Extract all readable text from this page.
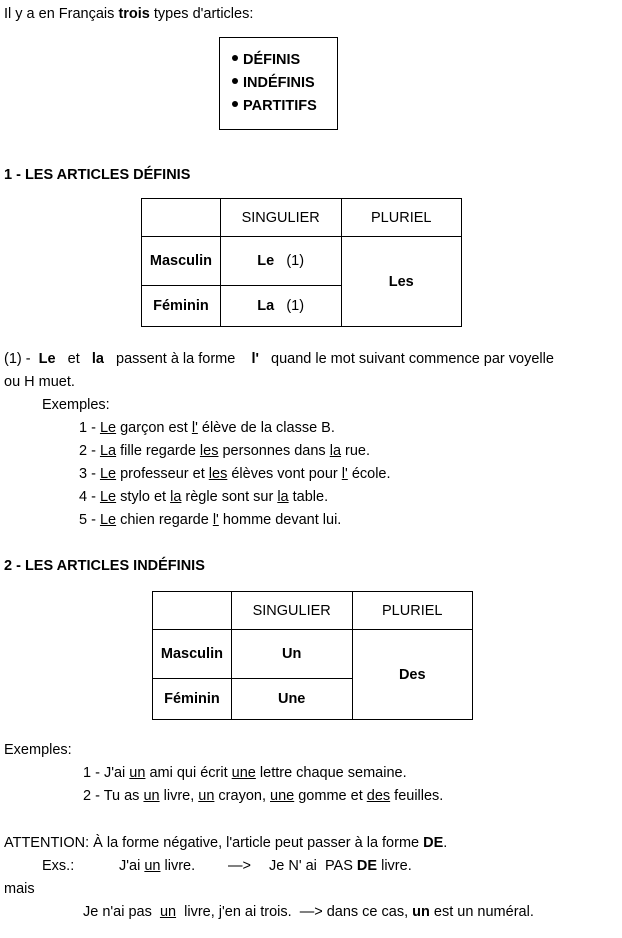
Il y a en Français trois types d'articles:
DÉFINIS
INDÉFINIS
PARTITIFS
1 - LES ARTICLES DÉFINIS
	SINGULIER	PLURIEL
Masculin	Le (1)	Les
Féminin	La (1)	
(1) -  Le   et   la   passent à la forme    l'   quand le mot suivant commence par voyelle
ou H muet.
Exemples:
1 - Le garçon est l' élève de la classe B.
2 - La fille regarde les personnes dans la rue.
3 - Le professeur et les élèves vont pour l' école.
4 - Le stylo et la règle sont sur la table.
5 - Le chien regarde l' homme devant lui.
2 - LES ARTICLES INDÉFINIS
	SINGULIER	PLURIEL
Masculin	Un	Des
Féminin	Une	
Exemples:
1 - J'ai un ami qui écrit une lettre chaque semaine.
2 - Tu as un livre, un crayon, une gomme et des feuilles.
ATTENTION: À la forme négative, l'article peut passer à la forme DE.
Exs.:	J'ai un livre. —> Je N' ai  PAS DE livre.
mais
Je n'ai pas  un  livre, j'en ai trois.  —> dans ce cas, un est un numéral.
